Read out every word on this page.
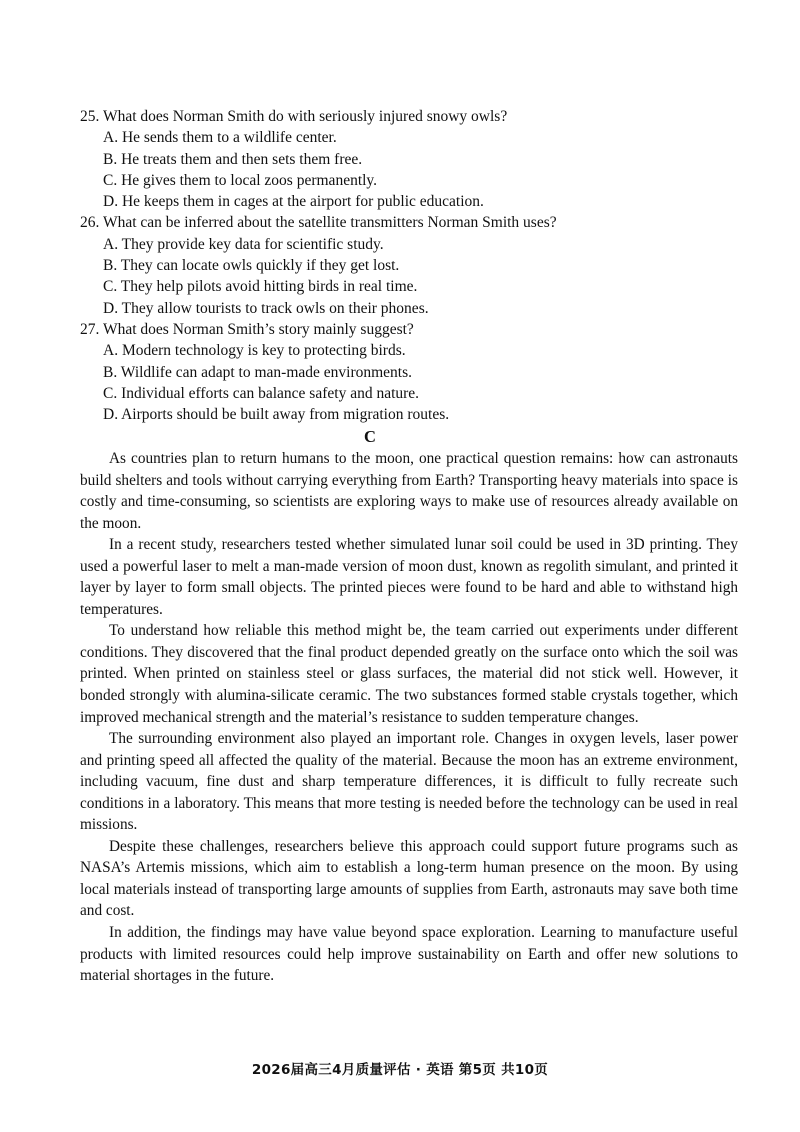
25. What does Norman Smith do with seriously injured snowy owls?
A. He sends them to a wildlife center.
B. He treats them and then sets them free.
C. He gives them to local zoos permanently.
D. He keeps them in cages at the airport for public education.
26. What can be inferred about the satellite transmitters Norman Smith uses?
A. They provide key data for scientific study.
B. They can locate owls quickly if they get lost.
C. They help pilots avoid hitting birds in real time.
D. They allow tourists to track owls on their phones.
27. What does Norman Smith’s story mainly suggest?
A. Modern technology is key to protecting birds.
B. Wildlife can adapt to man-made environments.
C. Individual efforts can balance safety and nature.
D. Airports should be built away from migration routes.
C

As countries plan to return humans to the moon, one practical question remains: how can astronauts build shelters and tools without carrying everything from Earth? Transporting heavy materials into space is costly and time-consuming, so scientists are exploring ways to make use of resources already available on the moon.

In a recent study, researchers tested whether simulated lunar soil could be used in 3D printing. They used a powerful laser to melt a man-made version of moon dust, known as regolith simulant, and printed it layer by layer to form small objects. The printed pieces were found to be hard and able to withstand high temperatures.

To understand how reliable this method might be, the team carried out experiments under different conditions. They discovered that the final product depended greatly on the surface onto which the soil was printed. When printed on stainless steel or glass surfaces, the material did not stick well. However, it bonded strongly with alumina-silicate ceramic. The two substances formed stable crystals together, which improved mechanical strength and the material’s resistance to sudden temperature changes.

The surrounding environment also played an important role. Changes in oxygen levels, laser power and printing speed all affected the quality of the material. Because the moon has an extreme environment, including vacuum, fine dust and sharp temperature differences, it is difficult to fully recreate such conditions in a laboratory. This means that more testing is needed before the technology can be used in real missions.

Despite these challenges, researchers believe this approach could support future programs such as NASA’s Artemis missions, which aim to establish a long-term human presence on the moon. By using local materials instead of transporting large amounts of supplies from Earth, astronauts may save both time and cost.

In addition, the findings may have value beyond space exploration. Learning to manufacture useful products with limited resources could help improve sustainability on Earth and offer new solutions to material shortages in the future.

2026届高三4月质量评估 · 英语 第5页 共10页
